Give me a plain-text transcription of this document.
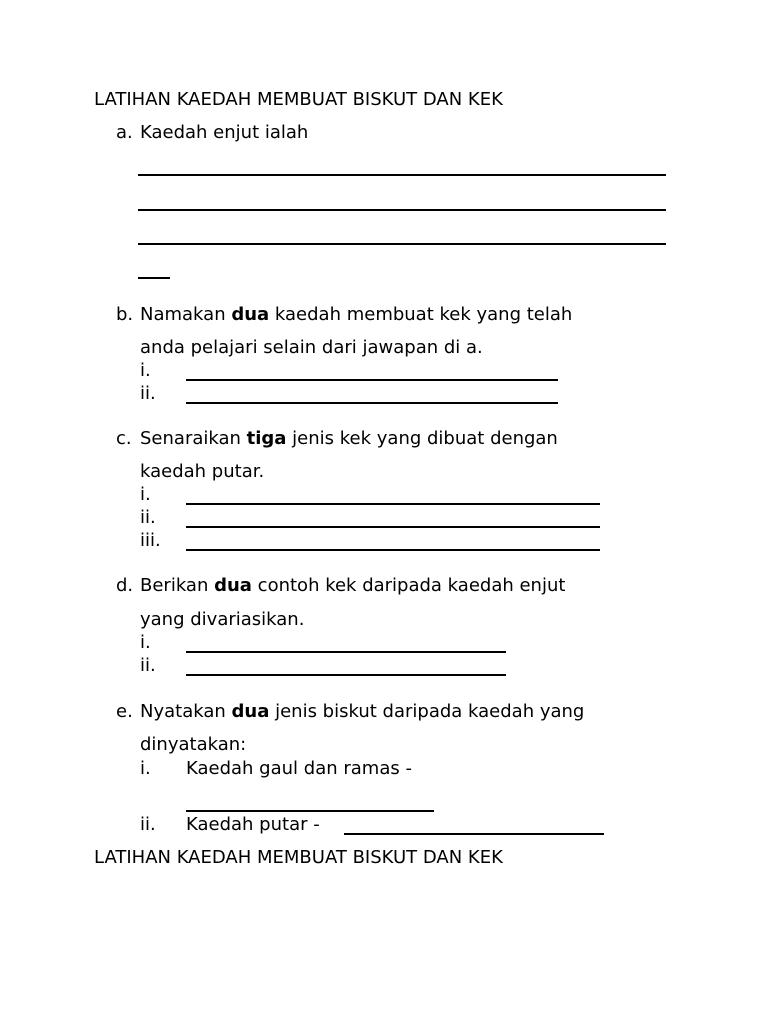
LATIHAN KAEDAH MEMBUAT BISKUT DAN KEK
a. Kaedah enjut ialah
b. Namakan dua kaedah membuat kek yang telah
anda pelajari selain dari jawapan di a.
i.
ii.
c. Senaraikan tiga jenis kek yang dibuat dengan
kaedah putar.
i.
ii.
iii.
d. Berikan dua contoh kek daripada kaedah enjut
yang divariasikan.
i.
ii.
e. Nyatakan dua jenis biskut daripada kaedah yang
dinyatakan:
i. Kaedah gaul dan ramas -
ii. Kaedah putar -
LATIHAN KAEDAH MEMBUAT BISKUT DAN KEK
